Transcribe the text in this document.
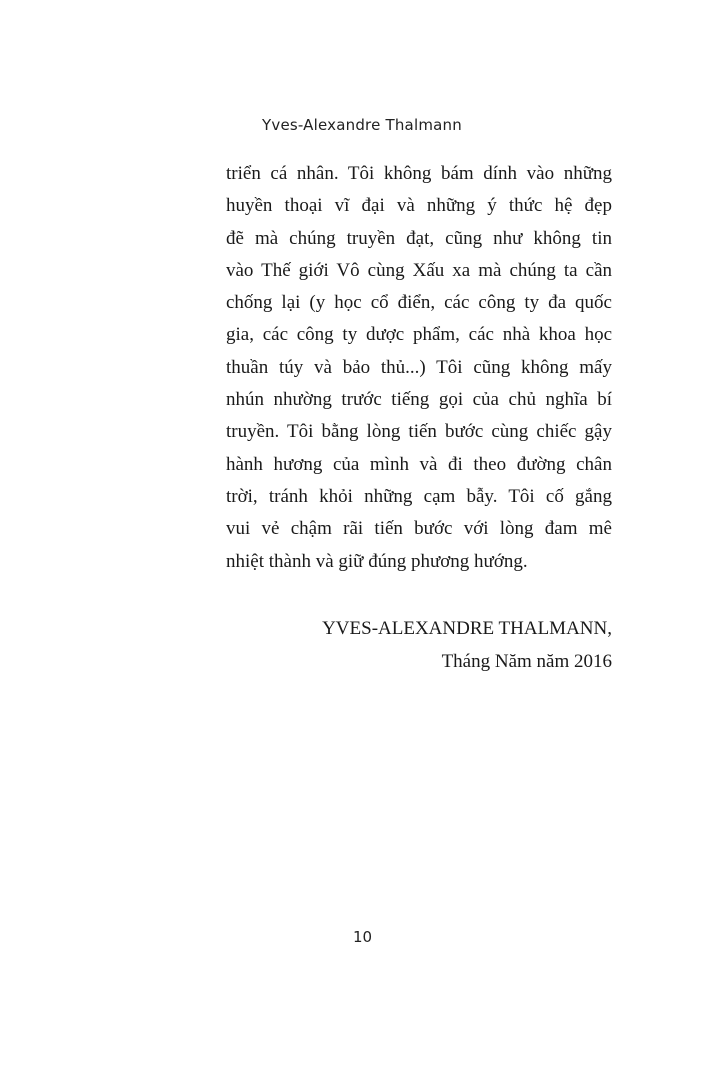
Yves-Alexandre Thalmann
triển cá nhân. Tôi không bám dính vào những
huyền thoại vĩ đại và những ý thức hệ đẹp
đẽ mà chúng truyền đạt, cũng như không tin
vào Thế giới Vô cùng Xấu xa mà chúng ta cần
chống lại (y học cổ điển, các công ty đa quốc
gia, các công ty dược phẩm, các nhà khoa học
thuần túy và bảo thủ...) Tôi cũng không mấy
nhún nhường trước tiếng gọi của chủ nghĩa bí
truyền. Tôi bằng lòng tiến bước cùng chiếc gậy
hành hương của mình và đi theo đường chân
trời, tránh khỏi những cạm bẫy. Tôi cố gắng
vui vẻ chậm rãi tiến bước với lòng đam mê
nhiệt thành và giữ đúng phương hướng.
YVES-ALEXANDRE THALMANN,
Tháng Năm năm 2016
10
